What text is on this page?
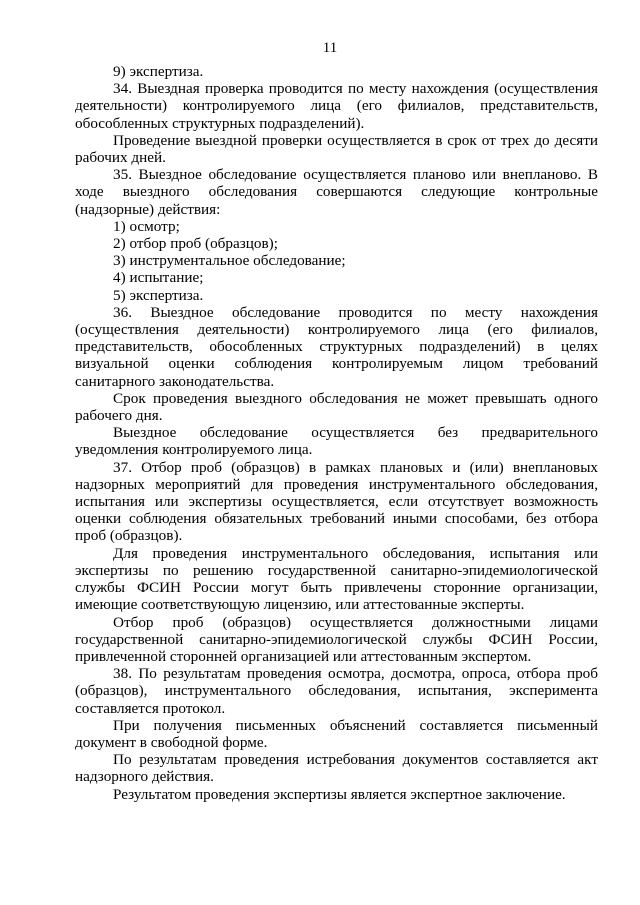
11

9) экспертиза.

34. Выездная проверка проводится по месту нахождения (осуществления деятельности) контролируемого лица (его филиалов, представительств, обособленных структурных подразделений).

Проведение выездной проверки осуществляется в срок от трех до десяти рабочих дней.

35. Выездное обследование осуществляется планово или внепланово. В ходе выездного обследования совершаются следующие контрольные (надзорные) действия:

1) осмотр;

2) отбор проб (образцов);

3) инструментальное обследование;

4) испытание;

5) экспертиза.

36. Выездное обследование проводится по месту нахождения (осуществления деятельности) контролируемого лица (его филиалов, представительств, обособленных структурных подразделений) в целях визуальной оценки соблюдения контролируемым лицом требований санитарного законодательства.

Срок проведения выездного обследования не может превышать одного рабочего дня.

Выездное обследование осуществляется без предварительного уведомления контролируемого лица.

37. Отбор проб (образцов) в рамках плановых и (или) внеплановых надзорных мероприятий для проведения инструментального обследования, испытания или экспертизы осуществляется, если отсутствует возможность оценки соблюдения обязательных требований иными способами, без отбора проб (образцов).

Для проведения инструментального обследования, испытания или экспертизы по решению государственной санитарно-эпидемиологической службы ФСИН России могут быть привлечены сторонние организации, имеющие соответствующую лицензию, или аттестованные эксперты.

Отбор проб (образцов) осуществляется должностными лицами государственной санитарно-эпидемиологической службы ФСИН России, привлеченной сторонней организацией или аттестованным экспертом.

38. По результатам проведения осмотра, досмотра, опроса, отбора проб (образцов), инструментального обследования, испытания, эксперимента составляется протокол.

При получения письменных объяснений составляется письменный документ в свободной форме.

По результатам проведения истребования документов составляется акт надзорного действия.

Результатом проведения экспертизы является экспертное заключение.
